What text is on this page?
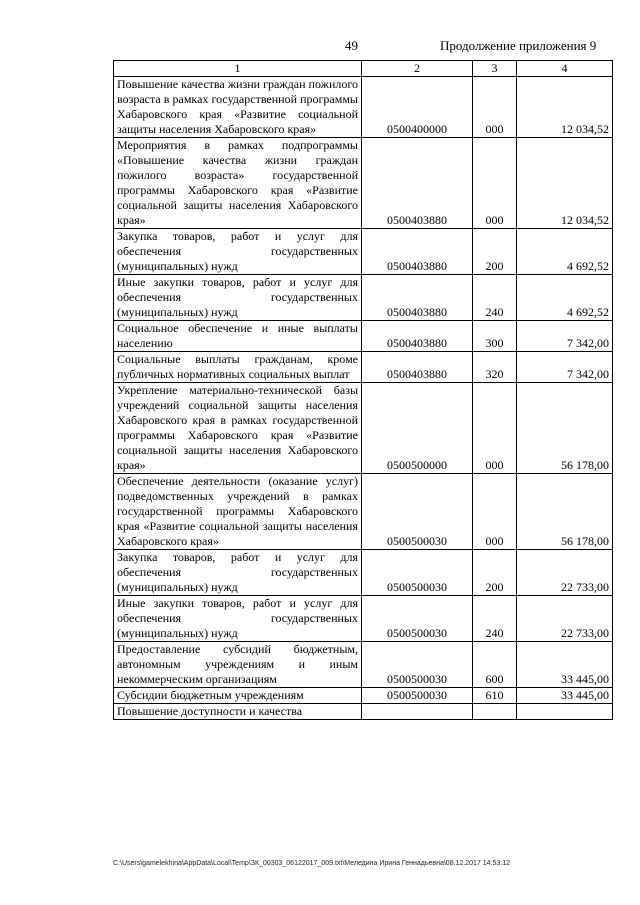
49	Продолжение приложения 9
1	2	3	4
Повышение качества жизни граждан пожилого возраста в рамках государственной программы Хабаровского края «Развитие социальной защиты населения Хабаровского края»	0500400000	000	12 034,52
Мероприятия в рамках подпрограммы «Повышение качества жизни граждан пожилого возраста» государственной программы Хабаровского края «Развитие социальной защиты населения Хабаровского края»	0500403880	000	12 034,52
Закупка товаров, работ и услуг для обеспечения государственных (муниципальных) нужд	0500403880	200	4 692,52
Иные закупки товаров, работ и услуг для обеспечения государственных (муниципальных) нужд	0500403880	240	4 692,52
Социальное обеспечение и иные выплаты населению	0500403880	300	7 342,00
Социальные выплаты гражданам, кроме публичных нормативных социальных выплат	0500403880	320	7 342,00
Укрепление материально-технической базы учреждений социальной защиты населения Хабаровского края в рамках государственной программы Хабаровского края «Развитие социальной защиты населения Хабаровского края»	0500500000	000	56 178,00
Обеспечение деятельности (оказание услуг) подведомственных учреждений в рамках государственной программы Хабаровского края «Развитие социальной защиты населения Хабаровского края»	0500500030	000	56 178,00
Закупка товаров, работ и услуг для обеспечения государственных (муниципальных) нужд	0500500030	200	22 733,00
Иные закупки товаров, работ и услуг для обеспечения государственных (муниципальных) нужд	0500500030	240	22 733,00
Предоставление субсидий бюджетным, автономным учреждениям и иным некоммерческим организациям	0500500030	600	33 445,00
Субсидии бюджетным учреждениям	0500500030	610	33 445,00
Повышение доступности и качества			
C:\Users\gamelekhina\AppData\Local\Temp\ЗК_00303_06122017_009.txt\Меледина Ирина Геннадьевна\08.12.2017 14:53:12
